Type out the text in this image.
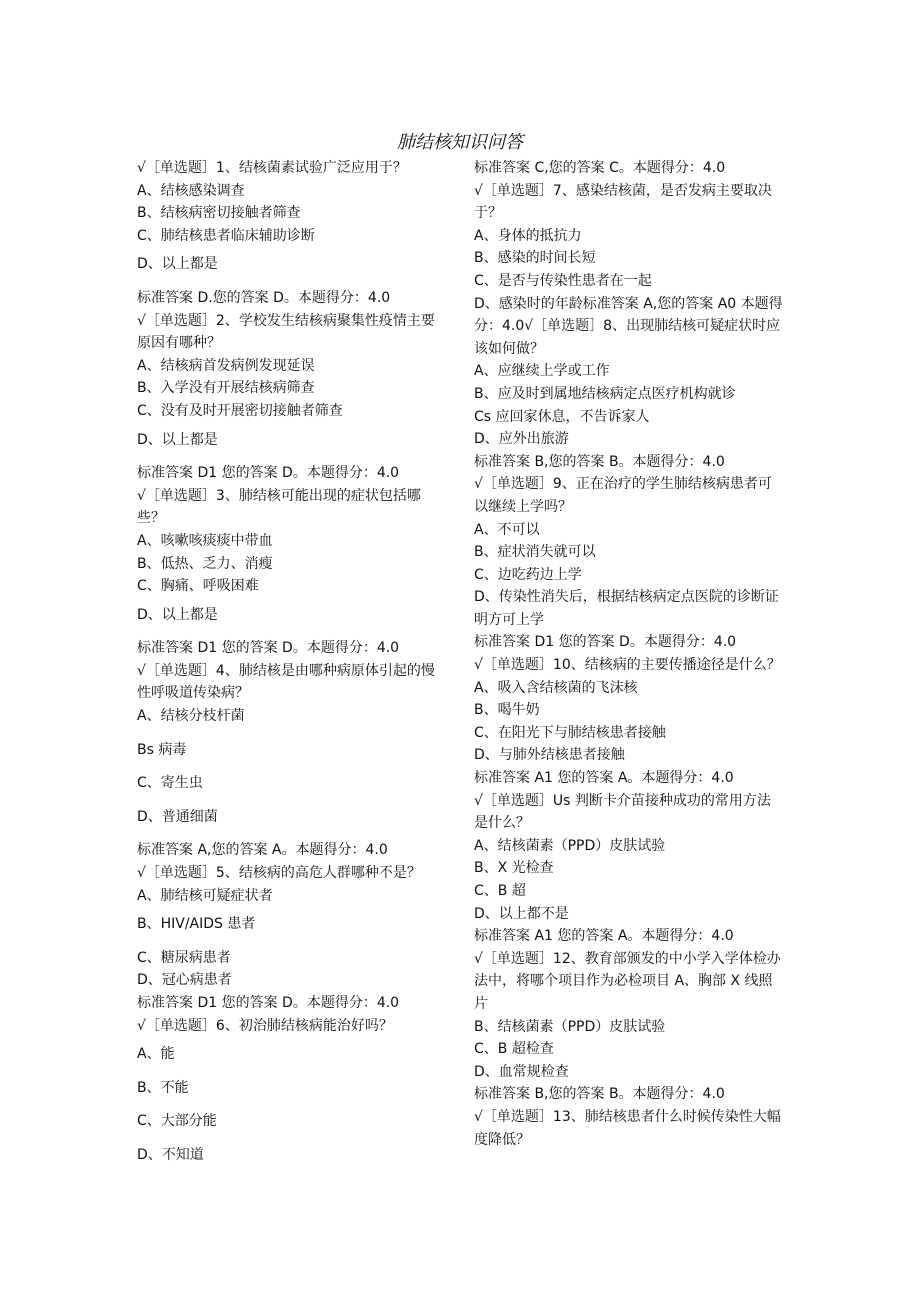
肺结核知识问答
√［单选题］1、结核菌素试验广泛应用于？
A、结核感染调查
B、结核病密切接触者筛查
C、肺结核患者临床辅助诊断
D、以上都是
标准答案 D.您的答案 D。本题得分：4.0
√［单选题］2、学校发生结核病聚集性疫情主要原因有哪种？
A、结核病首发病例发现延误
B、入学没有开展结核病筛查
C、没有及时开展密切接触者筛查
D、以上都是
标准答案 D1 您的答案 D。本题得分：4.0
√［单选题］3、肺结核可能出现的症状包括哪些？
A、咳嗽咳痰痰中带血
B、低热、乏力、消瘦
C、胸痛、呼吸困难
D、以上都是
标准答案 D1 您的答案 D。本题得分：4.0
√［单选题］4、肺结核是由哪种病原体引起的慢性呼吸道传染病？
A、结核分枝杆菌
Bs 病毒
C、寄生虫
D、普通细菌
标准答案 A,您的答案 A。本题得分：4.0
√［单选题］5、结核病的高危人群哪种不是？
A、肺结核可疑症状者
B、HIV/AIDS 患者
C、糖尿病患者
D、冠心病患者
标准答案 D1 您的答案 D。本题得分：4.0
√［单选题］6、初治肺结核病能治好吗？
A、能
B、不能
C、大部分能
D、不知道
标准答案 C,您的答案 C。本题得分：4.0
√［单选题］7、感染结核菌，是否发病主要取决于？
A、身体的抵抗力
B、感染的时间长短
C、是否与传染性患者在一起
D、感染时的年龄标准答案 A,您的答案 A0 本题得分：4.0√［单选题］8、出现肺结核可疑症状时应该如何做？
A、应继续上学或工作
B、应及时到属地结核病定点医疗机构就诊
Cs 应回家休息，不告诉家人
D、应外出旅游
标准答案 B,您的答案 B。本题得分：4.0
√［单选题］9、正在治疗的学生肺结核病患者可以继续上学吗？
A、不可以
B、症状消失就可以
C、边吃药边上学
D、传染性消失后，根据结核病定点医院的诊断证明方可上学
标准答案 D1 您的答案 D。本题得分：4.0
√［单选题］10、结核病的主要传播途径是什么？
A、吸入含结核菌的飞沫核
B、喝牛奶
C、在阳光下与肺结核患者接触
D、与肺外结核患者接触
标准答案 A1 您的答案 A。本题得分：4.0
√［单选题］Us 判断卡介苗接种成功的常用方法是什么？
A、结核菌素（PPD）皮肤试验
B、X 光检查
C、B 超
D、以上都不是
标准答案 A1 您的答案 A。本题得分：4.0
√［单选题］12、教育部颁发的中小学入学体检办法中，将哪个项目作为必检项目 A、胸部 X 线照片
B、结核菌素（PPD）皮肤试验
C、B 超检查
D、血常规检查
标准答案 B,您的答案 B。本题得分：4.0
√［单选题］13、肺结核患者什么时候传染性大幅度降低？
